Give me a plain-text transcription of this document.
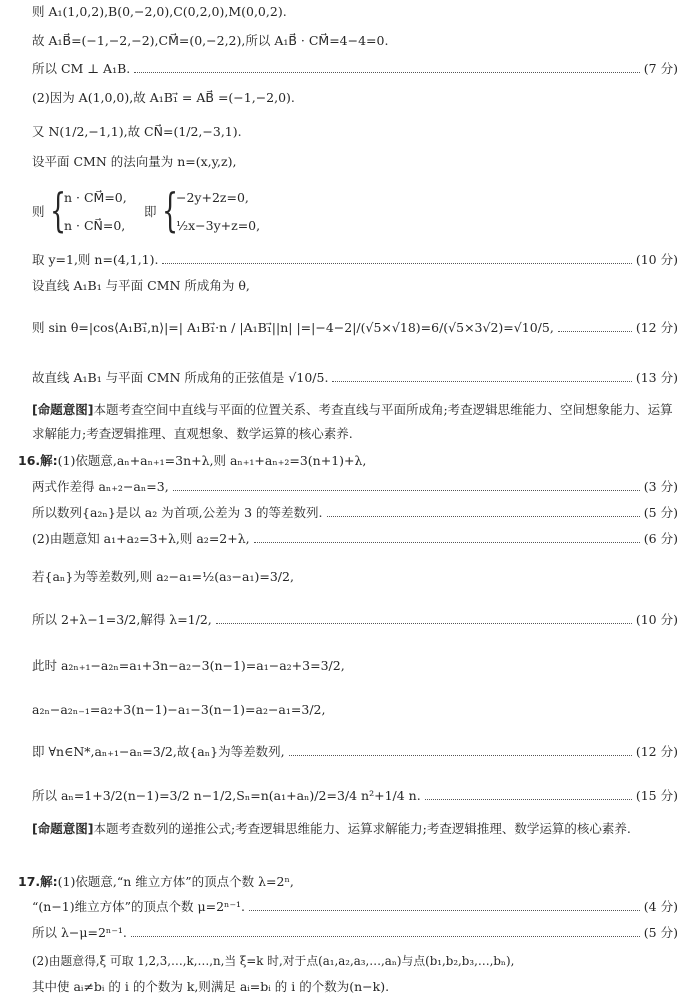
则 A₁(1,0,2),B(0,−2,0),C(0,2,0),M(0,0,2).
故 A₁B⃗=(−1,−2,−2),CM⃗=(0,−2,2),所以 A₁B⃗ · CM⃗=4−4=0.
所以 CM ⊥ A₁B.	( 7 分 )
(2)因为 A(1,0,0),故 A₁B₁⃗ = AB⃗ =(−1,−2,0).
又 N(1/2,−1,1),故 CN⃗=(1/2,−3,1).
设平面 CMN 的法向量为 n=(x,y,z),
则 {
n · CM⃗=0,
n · CN⃗=0,
即 {
−2y+2z=0,
½x−3y+z=0,
取 y=1,则 n=(4,1,1).	( 10 分 )
设直线 A₁B₁ 与平面 CMN 所成角为 θ,
则 sin θ=|cos⟨A₁B₁⃗,n⟩|=| A₁B₁⃗·n / |A₁B₁⃗||n| |=|−4−2|/(√5×√18)=6/(√5×3√2)=√10/5,	( 12 分 )
故直线 A₁B₁ 与平面 CMN 所成角的正弦值是 √10/5.	( 13 分 )
[命题意图]本题考查空间中直线与平面的位置关系、考查直线与平面所成角;考查逻辑思维能力、空间想象能力、运算求解能力;考查逻辑推理、直观想象、数学运算的核心素养.
16. 解: (1)依题意,aₙ+aₙ₊₁=3n+λ,则 aₙ₊₁+aₙ₊₂=3(n+1)+λ,
两式作差得 aₙ₊₂−aₙ=3,	( 3 分 )
所以数列{a₂ₙ}是以 a₂ 为首项,公差为 3 的等差数列.	( 5 分 )
(2)由题意知 a₁+a₂=3+λ,则 a₂=2+λ,	( 6 分 )
若{aₙ}为等差数列,则 a₂−a₁=½(a₃−a₁)=3/2,
所以 2+λ−1=3/2,解得 λ=1/2,	( 10 分 )
此时 a₂ₙ₊₁−a₂ₙ=a₁+3n−a₂−3(n−1)=a₁−a₂+3=3/2,
a₂ₙ−a₂ₙ₋₁=a₂+3(n−1)−a₁−3(n−1)=a₂−a₁=3/2,
即 ∀n∈N*,aₙ₊₁−aₙ=3/2,故{aₙ}为等差数列,	( 12 分 )
所以 aₙ=1+3/2(n−1)=3/2 n−1/2,Sₙ=n(a₁+aₙ)/2=3/4 n²+1/4 n.	( 15 分 )
[命题意图]本题考查数列的递推公式;考查逻辑思维能力、运算求解能力;考查逻辑推理、数学运算的核心素养.
17. 解: (1)依题意,“n 维立方体”的顶点个数 λ=2ⁿ,
“(n−1)维立方体”的顶点个数 μ=2ⁿ⁻¹.	( 4 分 )
所以 λ−μ=2ⁿ⁻¹.	( 5 分 )
(2)由题意得,ξ 可取 1,2,3,…,k,…,n,当 ξ=k 时,对于点(a₁,a₂,a₃,…,aₙ)与点(b₁,b₂,b₃,…,bₙ),
其中使 aᵢ≠bᵢ 的 i 的个数为 k,则满足 aᵢ=bᵢ 的 i 的个数为(n−k).
